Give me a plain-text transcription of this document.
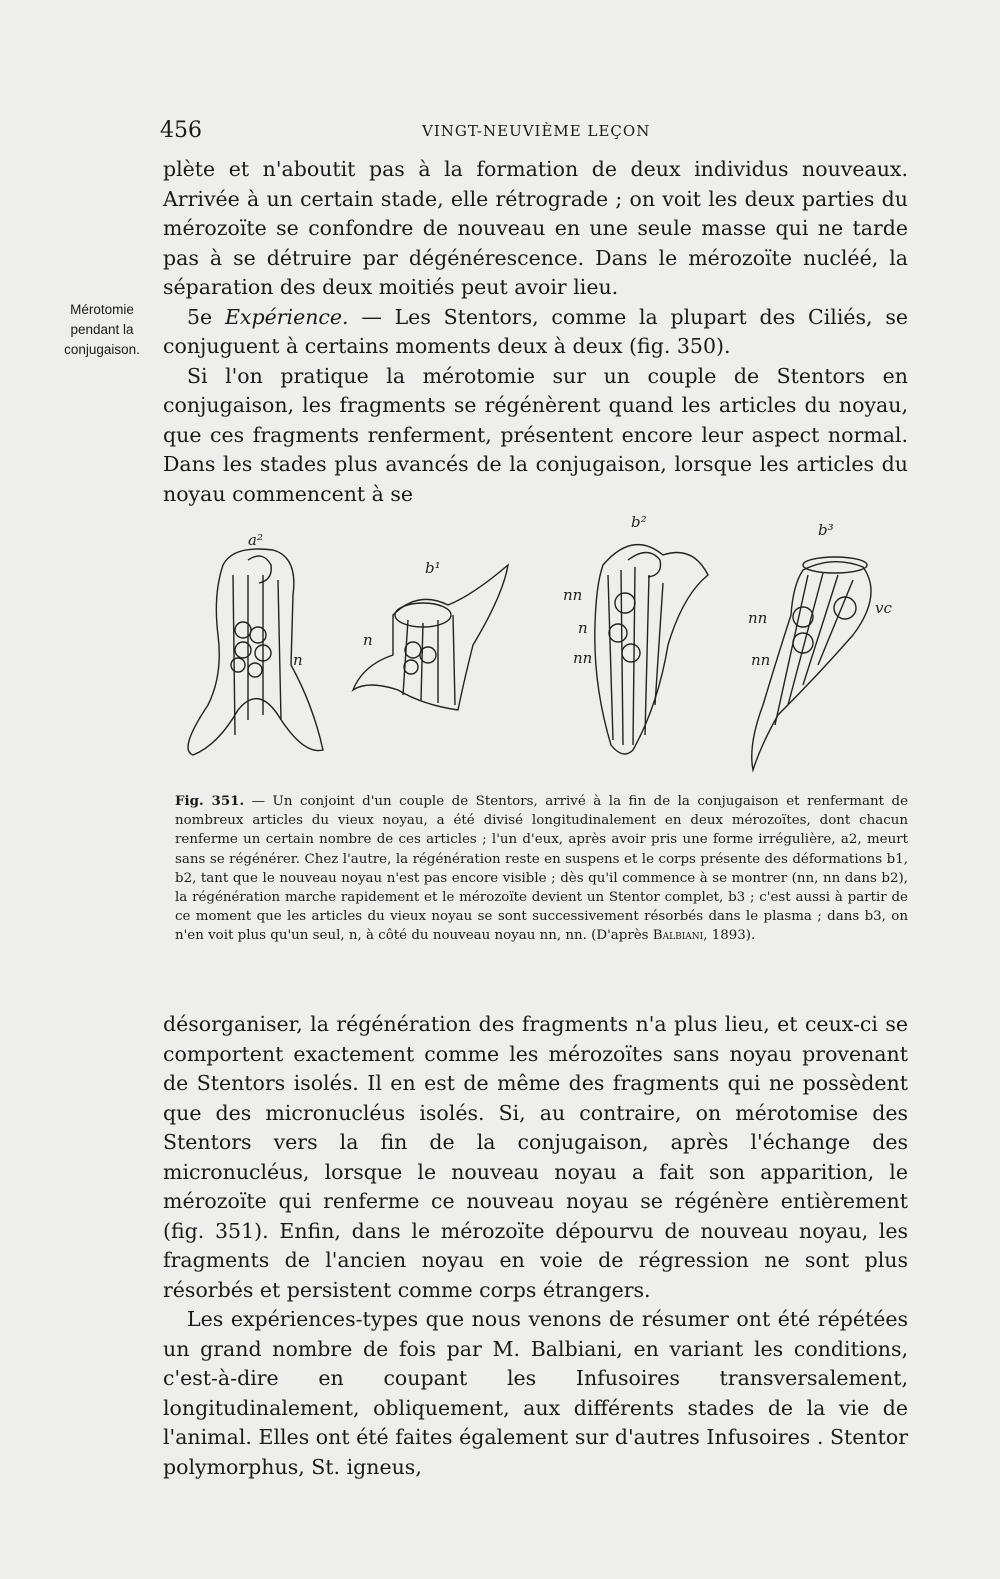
456	VINGT-NEUVIÈME LEÇON
Mérotomie
pendant la
conjugaison.

plète et n'aboutit pas à la formation de deux individus nouveaux. Arrivée à un certain stade, elle rétrograde ; on voit les deux parties du mérozoïte se confondre de nouveau en une seule masse qui ne tarde pas à se détruire par dégénérescence. Dans le mérozoïte nucléé, la séparation des deux moitiés peut avoir lieu.

5e Expérience. — Les Stentors, comme la plupart des Ciliés, se conjuguent à certains moments deux à deux (fig. 350).

Si l'on pratique la mérotomie sur un couple de Stentors en conjugaison, les fragments se régénèrent quand les articles du noyau, que ces fragments renferment, présentent encore leur aspect normal. Dans les stades plus avancés de la conjugaison, lorsque les articles du noyau commencent à se

a²
b¹
b²	b³
n
n
nn
n
nn
nn
nn
vc
Fig. 351. — Un conjoint d'un couple de Stentors, arrivé à la fin de la conjugaison et renfermant de nombreux articles du vieux noyau, a été divisé longitudinalement en deux mérozoïtes, dont chacun renferme un certain nombre de ces articles ; l'un d'eux, après avoir pris une forme irrégulière, a2, meurt sans se régénérer. Chez l'autre, la régénération reste en suspens et le corps présente des déformations b1, b2, tant que le nouveau noyau n'est pas encore visible ; dès qu'il commence à se montrer (nn, nn dans b2), la régénération marche rapidement et le mérozoïte devient un Stentor complet, b3 ; c'est aussi à partir de ce moment que les articles du vieux noyau se sont successivement résorbés dans le plasma ; dans b3, on n'en voit plus qu'un seul, n, à côté du nouveau noyau nn, nn. (D'après Balbiani, 1893).

désorganiser, la régénération des fragments n'a plus lieu, et ceux-ci se comportent exactement comme les mérozoïtes sans noyau provenant de Stentors isolés. Il en est de même des fragments qui ne possèdent que des micronucléus isolés. Si, au contraire, on mérotomise des Stentors vers la fin de la conjugaison, après l'échange des micronucléus, lorsque le nouveau noyau a fait son apparition, le mérozoïte qui renferme ce nouveau noyau se régénère entièrement (fig. 351). Enfin, dans le mérozoïte dépourvu de nouveau noyau, les fragments de l'ancien noyau en voie de régression ne sont plus résorbés et persistent comme corps étrangers.

Les expériences-types que nous venons de résumer ont été répétées un grand nombre de fois par M. Balbiani, en variant les conditions, c'est-à-dire en coupant les Infusoires transversalement, longitudinalement, obliquement, aux différents stades de la vie de l'animal. Elles ont été faites également sur d'autres Infusoires . Stentor polymorphus, St. igneus,
